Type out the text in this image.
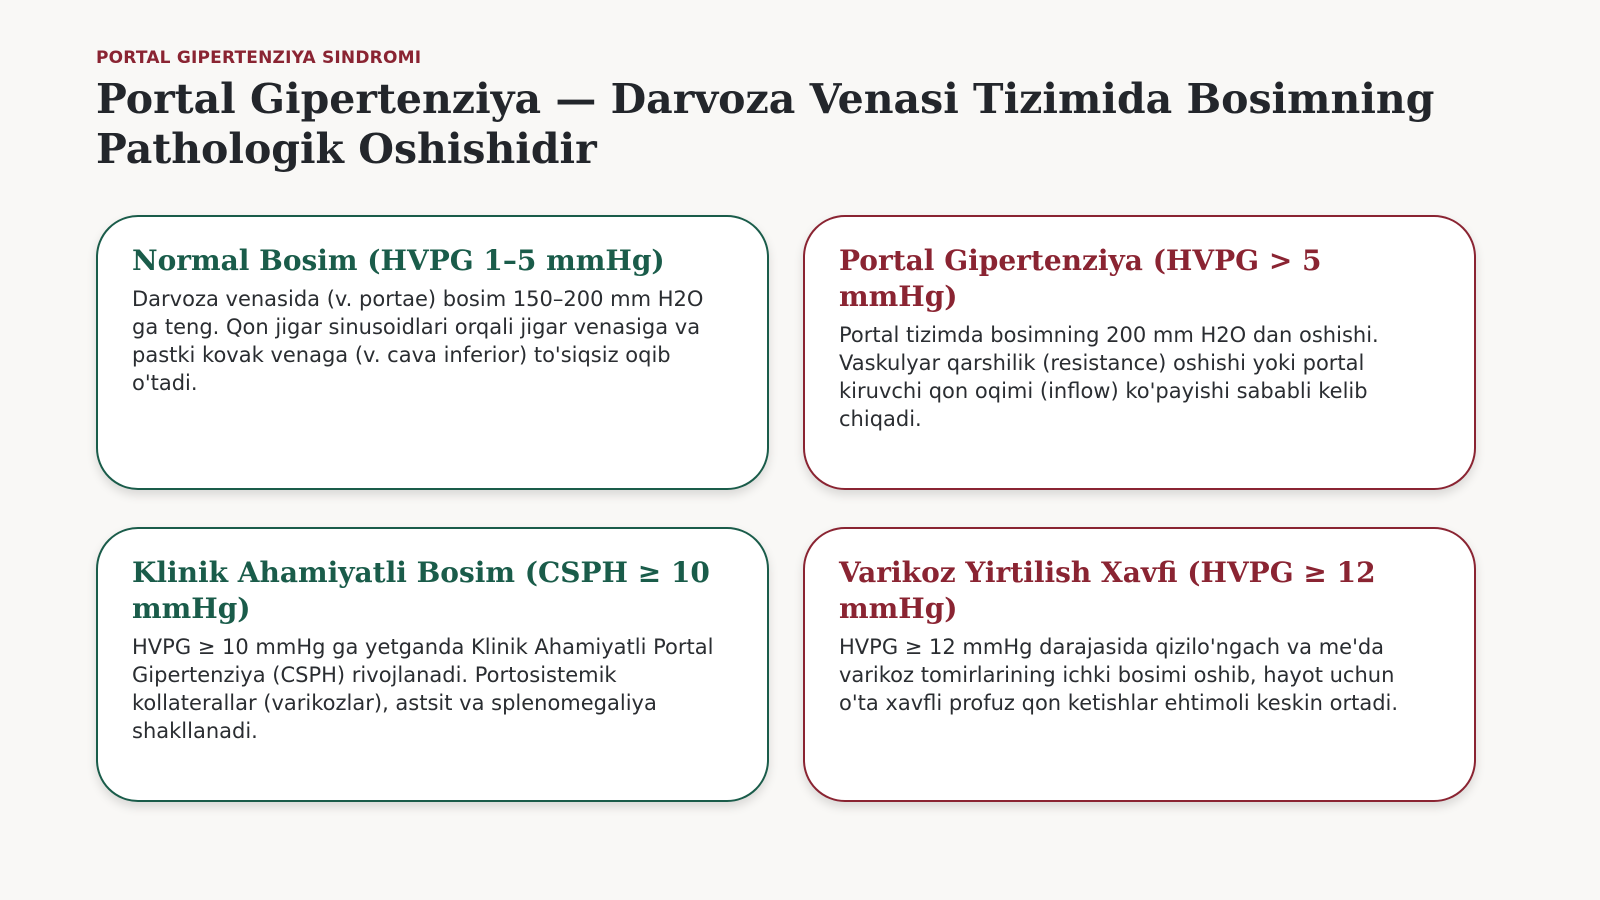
PORTAL GIPERTENZIYA SINDROMI

Portal Gipertenziya — Darvoza Venasi Tizimida Bosimning Pathologik Oshishidir
Normal Bosim (HVPG 1–5 mmHg)

Darvoza venasida (v. portae) bosim 150–200 mm H2O ga teng. Qon jigar sinusoidlari orqali jigar venasiga va pastki kovak venaga (v. cava inferior) to'siqsiz oqib o'tadi.

Portal Gipertenziya (HVPG > 5 mmHg)

Portal tizimda bosimning 200 mm H2O dan oshishi. Vaskulyar qarshilik (resistance) oshishi yoki portal kiruvchi qon oqimi (inflow) ko'payishi sababli kelib chiqadi.

Klinik Ahamiyatli Bosim (CSPH ≥ 10 mmHg)

HVPG ≥ 10 mmHg ga yetganda Klinik Ahamiyatli Portal Gipertenziya (CSPH) rivojlanadi. Portosistemik kollaterallar (varikozlar), astsit va splenomegaliya shakllanadi.

Varikoz Yirtilish Xavfi (HVPG ≥ 12 mmHg)

HVPG ≥ 12 mmHg darajasida qizilo'ngach va me'da varikoz tomirlarining ichki bosimi oshib, hayot uchun o'ta xavfli profuz qon ketishlar ehtimoli keskin ortadi.
